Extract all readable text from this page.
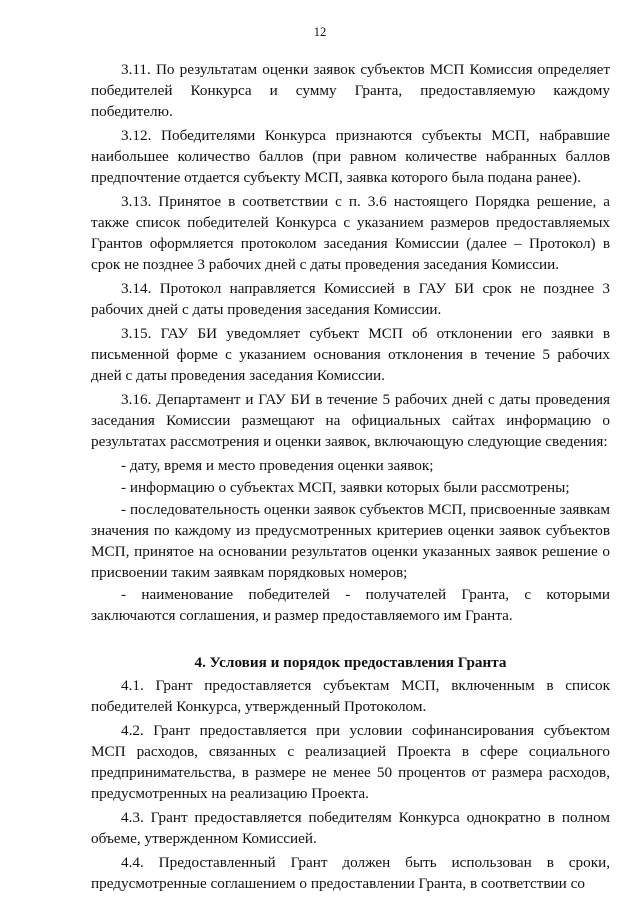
12

3.11. По результатам оценки заявок субъектов МСП Комиссия определяет победителей Конкурса и сумму Гранта, предоставляемую каждому победителю.

3.12. Победителями Конкурса признаются субъекты МСП, набравшие наибольшее количество баллов (при равном количестве набранных баллов предпочтение отдается субъекту МСП, заявка которого была подана ранее).

3.13. Принятое в соответствии с п. 3.6 настоящего Порядка решение, а также список победителей Конкурса с указанием размеров предоставляемых Грантов оформляется протоколом заседания Комиссии (далее – Протокол) в срок не позднее 3 рабочих дней с даты проведения заседания Комиссии.

3.14. Протокол направляется Комиссией в ГАУ БИ срок не позднее 3 рабочих дней с даты проведения заседания Комиссии.

3.15. ГАУ БИ уведомляет субъект МСП об отклонении его заявки в письменной форме с указанием основания отклонения в течение 5 рабочих дней с даты проведения заседания Комиссии.

3.16. Департамент и ГАУ БИ в течение 5 рабочих дней с даты проведения заседания Комиссии размещают на официальных сайтах информацию о результатах рассмотрения и оценки заявок, включающую следующие сведения:

- дату, время и место проведения оценки заявок;

- информацию о субъектах МСП, заявки которых были рассмотрены;

- последовательность оценки заявок субъектов МСП, присвоенные заявкам значения по каждому из предусмотренных критериев оценки заявок субъектов МСП, принятое на основании результатов оценки указанных заявок решение о присвоении таким заявкам порядковых номеров;

- наименование победителей - получателей Гранта, с которыми заключаются соглашения, и размер предоставляемого им Гранта.

4. Условия и порядок предоставления Гранта

4.1. Грант предоставляется субъектам МСП, включенным в список победителей Конкурса, утвержденный Протоколом.

4.2. Грант предоставляется при условии софинансирования субъектом МСП расходов, связанных с реализацией Проекта в сфере социального предпринимательства, в размере не менее 50 процентов от размера расходов, предусмотренных на реализацию Проекта.

4.3. Грант предоставляется победителям Конкурса однократно в полном объеме, утвержденном Комиссией.

4.4. Предоставленный Грант должен быть использован в сроки, предусмотренные соглашением о предоставлении Гранта, в соответствии со
